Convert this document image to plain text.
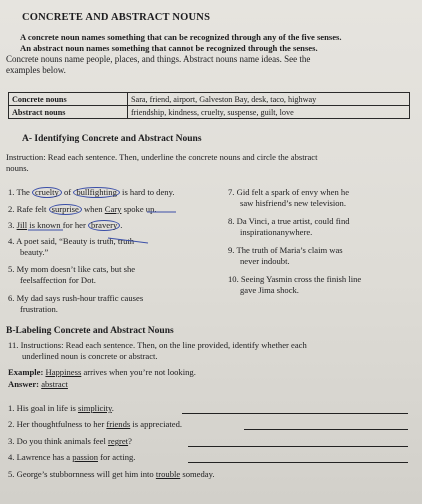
CONCRETE AND ABSTRACT NOUNS
A concrete noun names something that can be recognized through any of the five senses.
An abstract noun names something that cannot be recognized through the senses.
Concrete nouns name people, places, and things. Abstract nouns name ideas. See the
examples below.
Concrete nouns	Sara, friend, airport, Galveston Bay, desk, taco, highway
Abstract nouns	friendship, kindness, cruelty, suspense, guilt, love
A- Identifying Concrete and Abstract Nouns
Instruction: Read each sentence. Then, underline the concrete nouns and circle the abstract
nouns.
1. The cruelty of bullfighting is hard to deny.
2. Rafe felt surprise when Cary spoke up.
3. Jill is known for her bravery .
4. A poet said, “Beauty is truth, truth
beauty.”
5. My mom doesn’t like cats, but she
feelsaffection for Dot.
6. My dad says rush-hour traffic causes
frustration.
7. Gid felt a spark of envy when he
saw hisfriend’s new television.
8. Da Vinci, a true artist, could find
inspirationanywhere.
9. The truth of Maria’s claim was
never indoubt.
10. Seeing Yasmin cross the finish line
gave Jima shock.
B-Labeling Concrete and Abstract Nouns
11. Instructions: Read each sentence. Then, on the line provided, identify whether each
underlined noun is concrete or abstract.
Example: Happiness arrives when you’re not looking.
Answer: abstract
1. His goal in life is simplicity.
2. Her thoughtfulness to her friends is appreciated.
3. Do you think animals feel regret?
4. Lawrence has a passion for acting.
5. George’s stubbornness will get him into trouble someday.
